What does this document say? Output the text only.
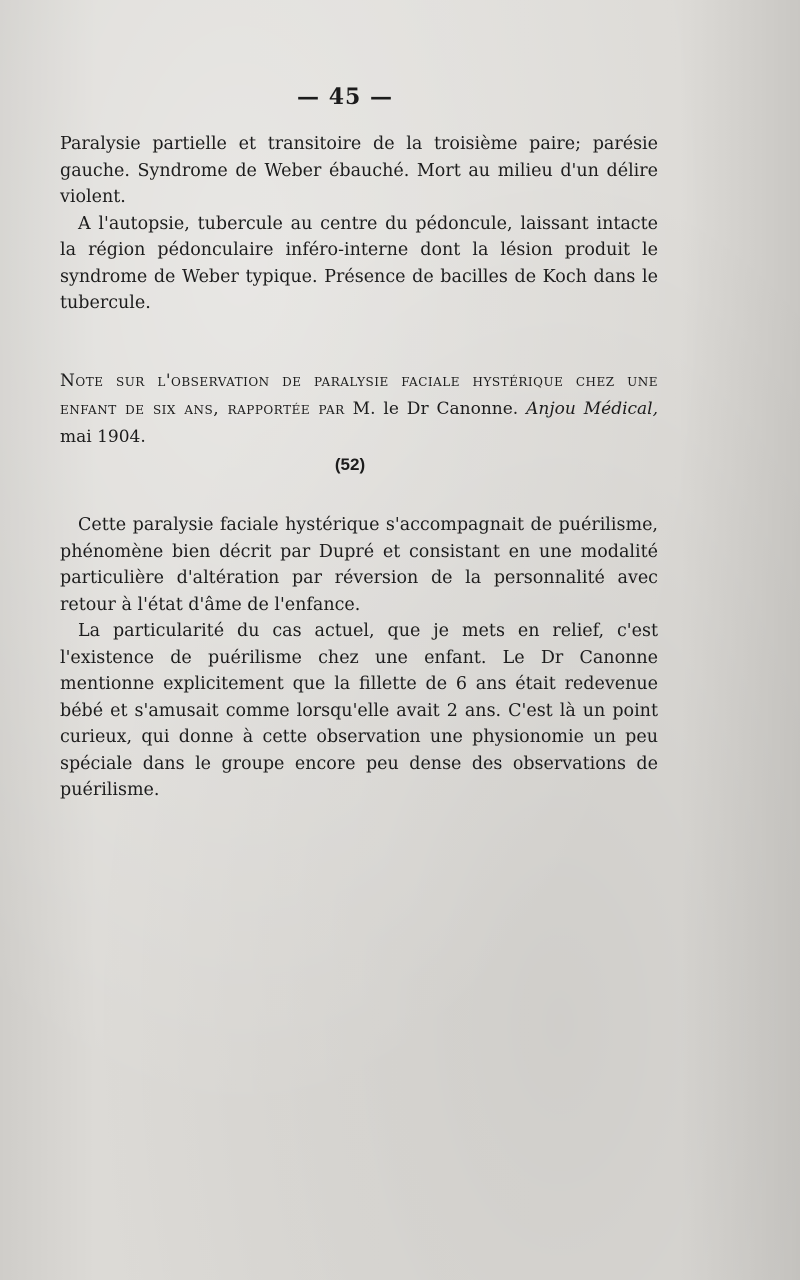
— 45 —

Paralysie partielle et transitoire de la troisième paire; parésie gauche. Syndrome de Weber ébauché. Mort au milieu d'un délire violent.

A l'autopsie, tubercule au centre du pédoncule, laissant intacte la région pédonculaire inféro-interne dont la lésion produit le syndrome de Weber typique. Présence de bacilles de Koch dans le tubercule.

Note sur l'observation de paralysie faciale hystérique chez une enfant de six ans, rapportée par M. le Dr Canonne. Anjou Médical, mai 1904.
(52)

Cette paralysie faciale hystérique s'accompagnait de puérilisme, phénomène bien décrit par Dupré et consistant en une modalité particulière d'altération par réversion de la personnalité avec retour à l'état d'âme de l'enfance.

La particularité du cas actuel, que je mets en relief, c'est l'existence de puérilisme chez une enfant. Le Dr Canonne mentionne explicitement que la fillette de 6 ans était redevenue bébé et s'amusait comme lorsqu'elle avait 2 ans. C'est là un point curieux, qui donne à cette observation une physionomie un peu spéciale dans le groupe encore peu dense des observations de puérilisme.
